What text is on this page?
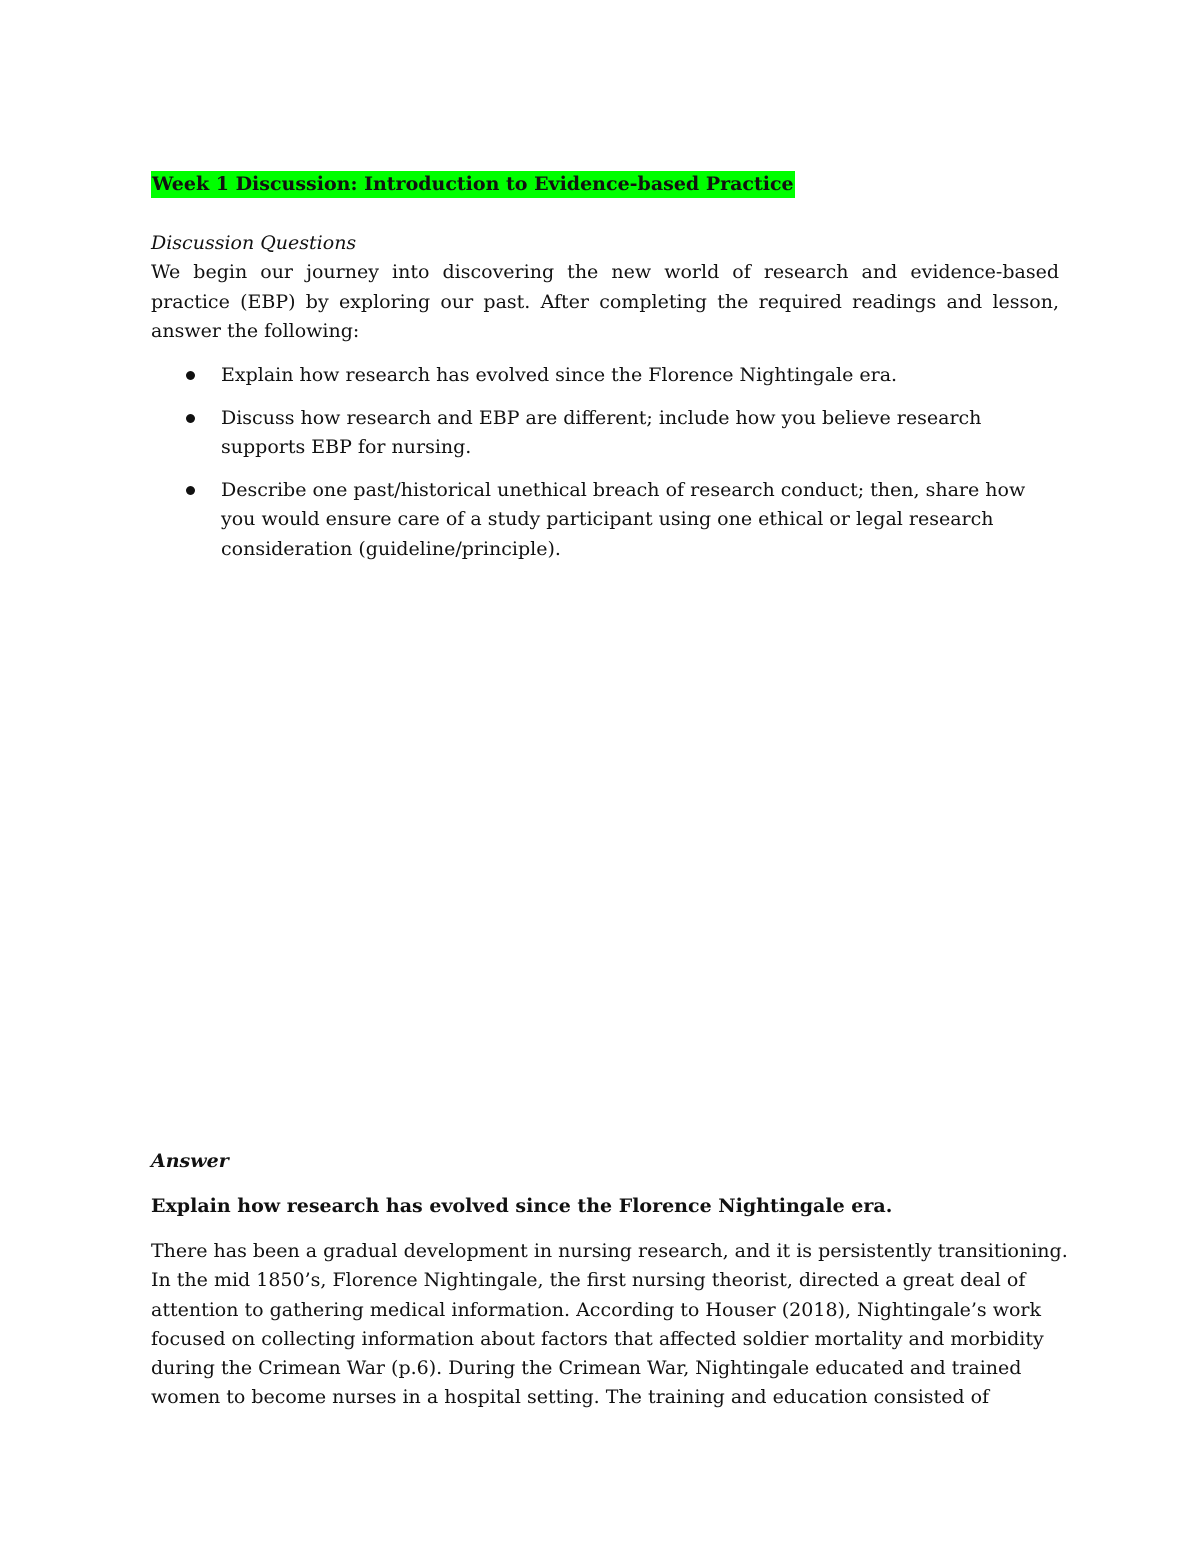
Week 1 Discussion: Introduction to Evidence-based Practice
Discussion Questions
We begin our journey into discovering the new world of research and evidence-based practice (EBP) by exploring our past. After completing the required readings and lesson, answer the following:
Explain how research has evolved since the Florence Nightingale era.
Discuss how research and EBP are different; include how you believe research supports EBP for nursing.
Describe one past/historical unethical breach of research conduct; then, share how you would ensure care of a study participant using one ethical or legal research consideration (guideline/principle).
Answer
Explain how research has evolved since the Florence Nightingale era.
There has been a gradual development in nursing research, and it is persistently transitioning.
In the mid 1850’s, Florence Nightingale, the first nursing theorist, directed a great deal of
attention to gathering medical information. According to Houser (2018), Nightingale’s work
focused on collecting information about factors that affected soldier mortality and morbidity
during the Crimean War (p.6). During the Crimean War, Nightingale educated and trained
women to become nurses in a hospital setting. The training and education consisted of
